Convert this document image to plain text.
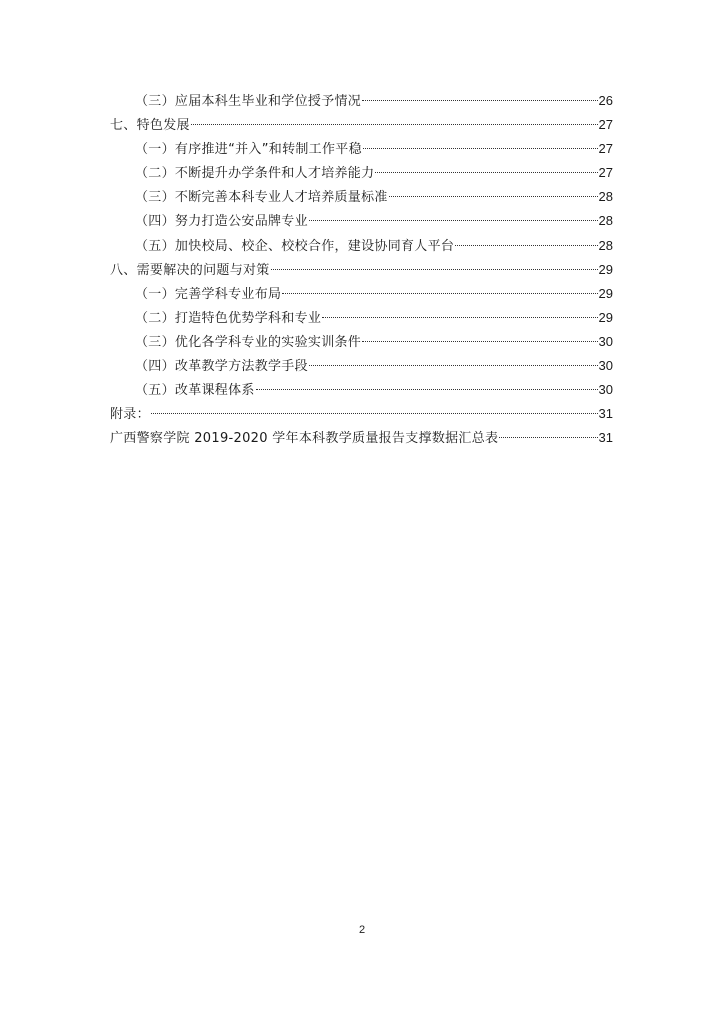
（三）应届本科生毕业和学位授予情况	26
七、特色发展	27
（一）有序推进“并入”和转制工作平稳	27
（二）不断提升办学条件和人才培养能力	27
（三）不断完善本科专业人才培养质量标准	28
（四）努力打造公安品牌专业	28
（五）加快校局、校企、校校合作，建设协同育人平台	28
八、需要解决的问题与对策	29
（一）完善学科专业布局	29
（二）打造特色优势学科和专业	29
（三）优化各学科专业的实验实训条件	30
（四）改革教学方法教学手段	30
（五）改革课程体系	30
附录：	31
广西警察学院 2019-2020 学年本科教学质量报告支撑数据汇总表	31
2
